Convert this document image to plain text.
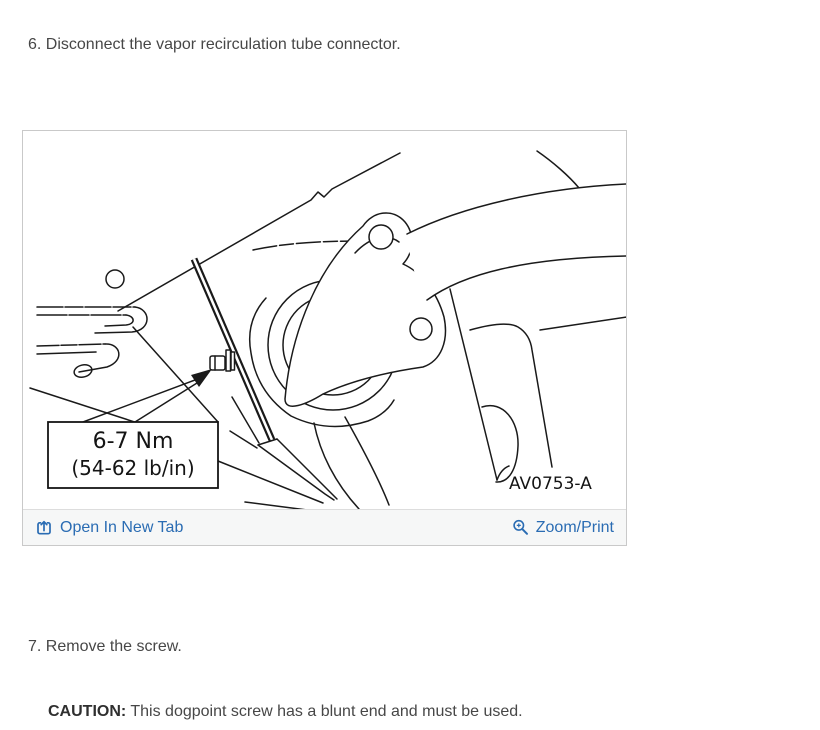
6. Disconnect the vapor recirculation tube connector.
6-7 Nm
(54-62 lb/in)
AV0753-A
Open In New Tab	Zoom/Print
7. Remove the screw.

CAUTION: This dogpoint screw has a blunt end and must be used.
